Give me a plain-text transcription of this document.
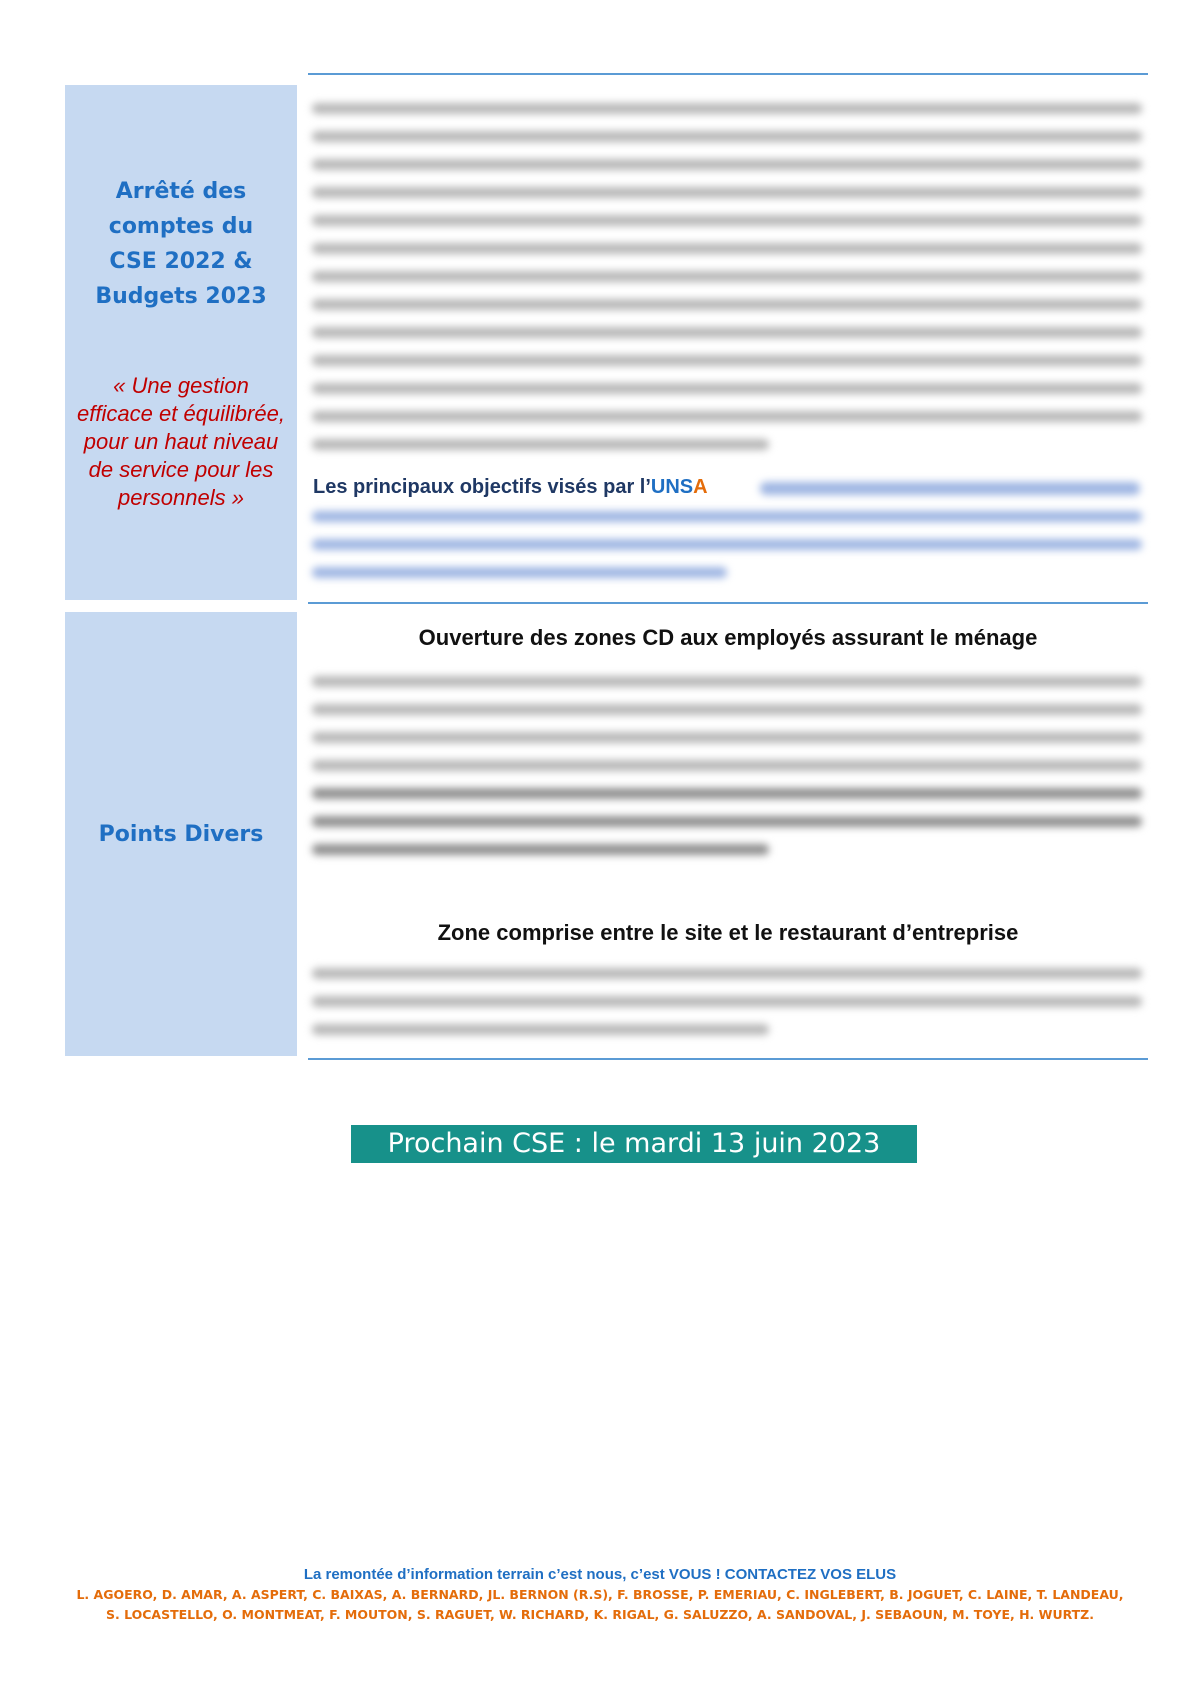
Arrêté des comptes du CSE 2022 & Budgets 2023

« Une gestion efficace et équilibrée, pour un haut niveau de service pour les personnels »

Points Divers

Les principaux objectifs visés par l’UNSA

Ouverture des zones CD aux employés assurant le ménage

Zone comprise entre le site et le restaurant d’entreprise

Prochain CSE : le mardi 13 juin 2023
La remontée d’information terrain c’est nous, c’est VOUS ! CONTACTEZ VOS ELUS
L. AGOERO, D. AMAR, A. ASPERT, C. BAIXAS, A. BERNARD, JL. BERNON (R.S), F. BROSSE, P. EMERIAU, C. INGLEBERT, B. JOGUET, C. LAINE, T. LANDEAU, S. LOCASTELLO, O. MONTMEAT, F. MOUTON, S. RAGUET, W. RICHARD, K. RIGAL, G. SALUZZO, A. SANDOVAL, J. SEBAOUN, M. TOYE, H. WURTZ.
